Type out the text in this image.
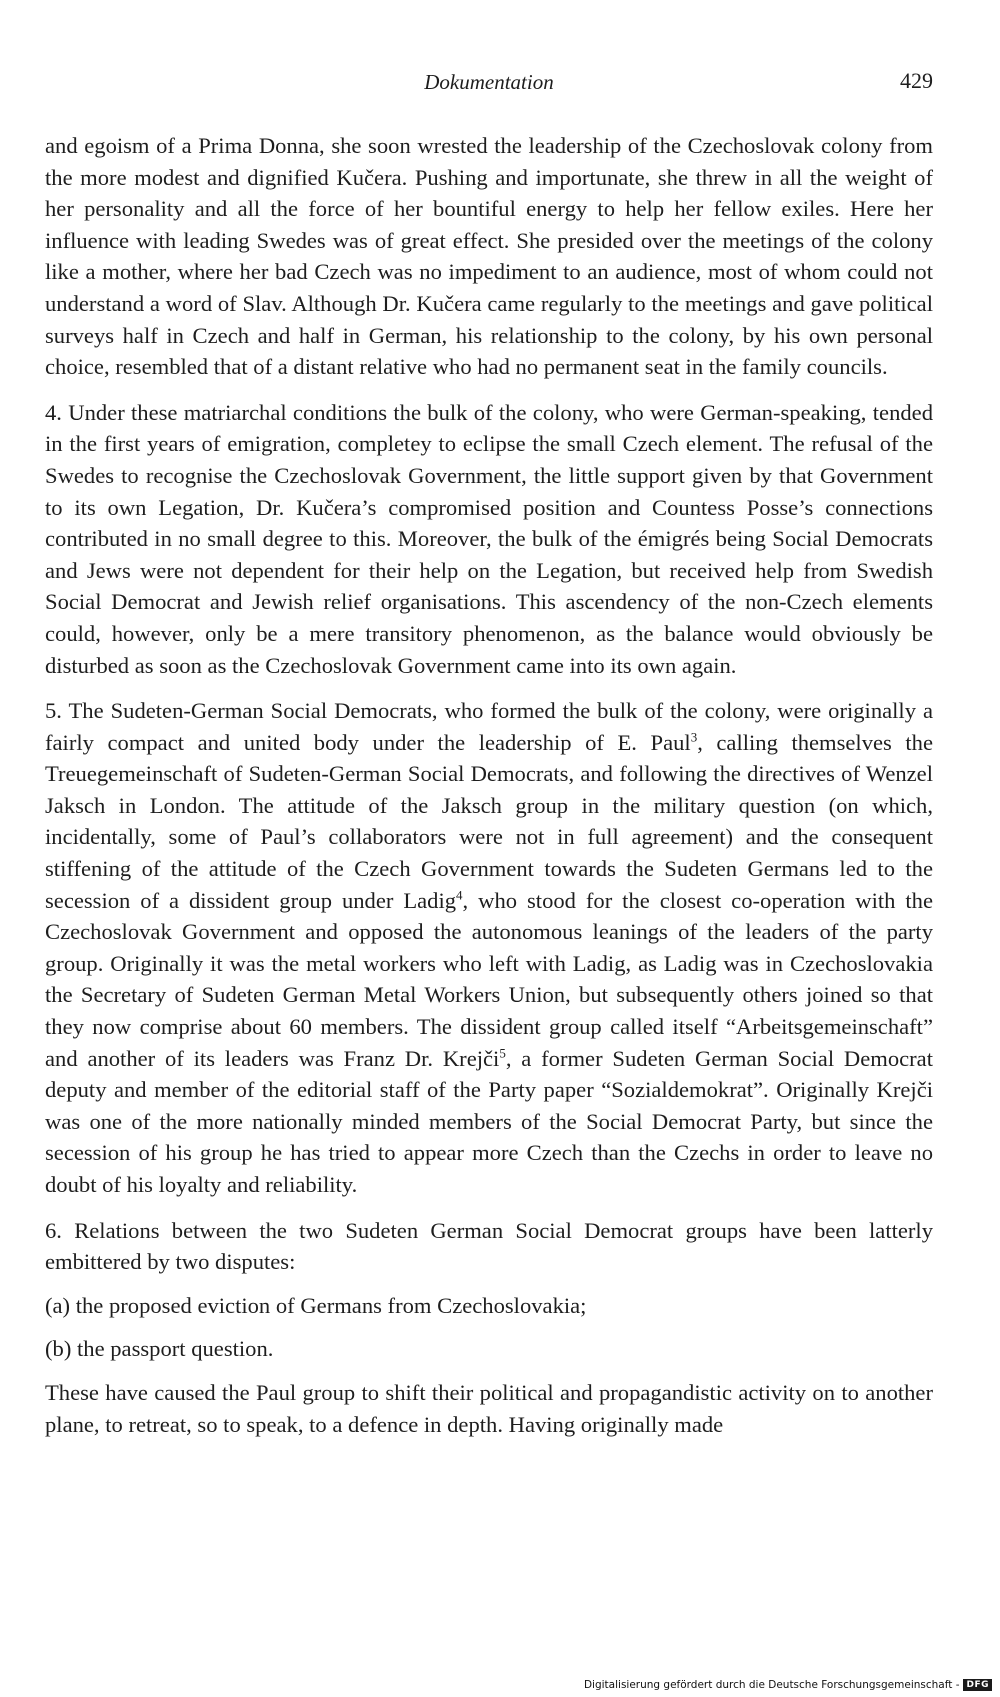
Dokumentation	429

and egoism of a Prima Donna, she soon wrested the leadership of the Czechoslovak colony from the more modest and dignified Kučera. Pushing and importunate, she threw in all the weight of her personality and all the force of her bountiful energy to help her fellow exiles. Here her influence with leading Swedes was of great effect. She presided over the meetings of the colony like a mother, where her bad Czech was no impediment to an audience, most of whom could not understand a word of Slav. Although Dr. Kučera came regularly to the meetings and gave political surveys half in Czech and half in German, his relationship to the colony, by his own personal choice, resembled that of a distant relative who had no permanent seat in the family councils.

4. Under these matriarchal conditions the bulk of the colony, who were German-speaking, tended in the first years of emigration, completey to eclipse the small Czech element. The refusal of the Swedes to recognise the Czechoslovak Government, the little support given by that Government to its own Legation, Dr. Kučera’s compromised position and Countess Posse’s connections contributed in no small degree to this. Moreover, the bulk of the émigrés being Social Democrats and Jews were not dependent for their help on the Legation, but received help from Swedish Social Democrat and Jewish relief organisations. This ascendency of the non-Czech elements could, however, only be a mere transitory phenomenon, as the balance would obviously be disturbed as soon as the Czechoslovak Government came into its own again.

5. The Sudeten-German Social Democrats, who formed the bulk of the colony, were originally a fairly compact and united body under the leadership of E. Paul$^3$, calling themselves the Treuegemeinschaft of Sudeten-German Social Democrats, and following the directives of Wenzel Jaksch in London. The attitude of the Jaksch group in the military question (on which, incidentally, some of Paul’s collaborators were not in full agreement) and the consequent stiffening of the attitude of the Czech Government towards the Sudeten Germans led to the secession of a dissident group under Ladig$^4$, who stood for the closest co-operation with the Czechoslovak Government and opposed the autonomous leanings of the leaders of the party group. Originally it was the metal workers who left with Ladig, as Ladig was in Czechoslovakia the Secretary of Sudeten German Metal Workers Union, but subsequently others joined so that they now comprise about 60 members. The dissident group called itself “Arbeitsgemeinschaft” and another of its leaders was Franz Dr. Krejči$^5$, a former Sudeten German Social Democrat deputy and member of the editorial staff of the Party paper “Sozialdemokrat”. Originally Krejči was one of the more nationally minded members of the Social Democrat Party, but since the secession of his group he has tried to appear more Czech than the Czechs in order to leave no doubt of his loyalty and reliability.

6. Relations between the two Sudeten German Social Democrat groups have been latterly embittered by two disputes:

(a) the proposed eviction of Germans from Czechoslovakia;

(b) the passport question.

These have caused the Paul group to shift their political and propagandistic activity on to another plane, to retreat, so to speak, to a defence in depth. Having originally made

Digitalisierung gefördert durch die Deutsche Forschungsgemeinschaft - DFG
